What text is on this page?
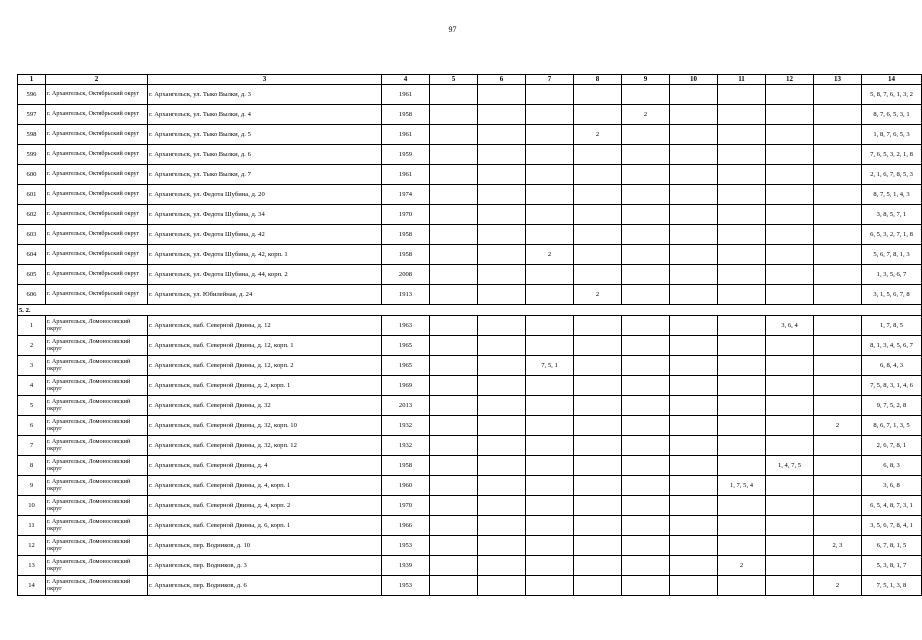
97
1	2	3	4	5	6	7	8	9	10	11	12	13	14
596	г. Архангельск, Октябрьский округ	г. Архангельск, ул. Тыко Вылки, д. 3	1961										5, 8, 7, 6, 1, 3, 2
597	г. Архангельск, Октябрьский округ	г. Архангельск, ул. Тыко Вылки, д. 4	1958					2					8, 7, 6, 5, 3, 1
598	г. Архангельск, Октябрьский округ	г. Архангельск, ул. Тыко Вылки, д. 5	1961				2						1, 8, 7, 6, 5, 3
599	г. Архангельск, Октябрьский округ	г. Архангельск, ул. Тыко Вылки, д. 6	1959										7, 6, 5, 3, 2, 1, 8
600	г. Архангельск, Октябрьский округ	г. Архангельск, ул. Тыко Вылки, д. 7	1961										2, 1, 6, 7, 8, 5, 3
601	г. Архангельск, Октябрьский округ	г. Архангельск, ул. Федота Шубина, д. 20	1974										8, 7, 5, 1, 4, 3
602	г. Архангельск, Октябрьский округ	г. Архангельск, ул. Федота Шубина, д. 34	1970										3, 8, 5, 7, 1
603	г. Архангельск, Октябрьский округ	г. Архангельск, ул. Федота Шубина, д. 42	1958										6, 5, 3, 2, 7, 1, 8
604	г. Архангельск, Октябрьский округ	г. Архангельск, ул. Федота Шубина, д. 42, корп. 1	1958			2							5, 6, 7, 8, 1, 3
605	г. Архангельск, Октябрьский округ	г. Архангельск, ул. Федота Шубина, д. 44, корп. 2	2008										1, 3, 5, 6, 7
606	г. Архангельск, Октябрьский округ	г. Архангельск, ул. Юбилейная, д. 24	1913				2						3, 1, 5, 6, 7, 8
5. 2.													
1	г. Архангельск, Ломоносовский округ	г. Архангельск, наб. Северной Двины, д. 12	1963								3, 6, 4		1, 7, 8, 5
2	г. Архангельск, Ломоносовский округ	г. Архангельск, наб. Северной Двины, д. 12, корп. 1	1965										8, 1, 3, 4, 5, 6, 7
3	г. Архангельск, Ломоносовский округ	г. Архангельск, наб. Северной Двины, д. 12, корп. 2	1965			7, 5, 1							6, 8, 4, 3
4	г. Архангельск, Ломоносовский округ	г. Архангельск, наб. Северной Двины, д. 2, корп. 1	1969										7, 5, 8, 3, 1, 4, 6
5	г. Архангельск, Ломоносовский округ	г. Архангельск, наб. Северной Двины, д. 32	2013										9, 7, 5, 2, 8
6	г. Архангельск, Ломоносовский округ	г. Архангельск, наб. Северной Двины, д. 32, корп. 10	1932									2	8, 6, 7, 1, 3, 5
7	г. Архангельск, Ломоносовский округ	г. Архангельск, наб. Северной Двины, д. 32, корп. 12	1932										2, 6, 7, 8, 1
8	г. Архангельск, Ломоносовский округ	г. Архангельск, наб. Северной Двины, д. 4	1958								1, 4, 7, 5		6, 8, 3
9	г. Архангельск, Ломоносовский округ	г. Архангельск, наб. Северной Двины, д. 4, корп. 1	1960							1, 7, 5, 4			3, 6, 8
10	г. Архангельск, Ломоносовский округ	г. Архангельск, наб. Северной Двины, д. 4, корп. 2	1970										6, 5, 4, 8, 7, 3, 1
11	г. Архангельск, Ломоносовский округ	г. Архангельск, наб. Северной Двины, д. 6, корп. 1	1966										3, 5, 6, 7, 8, 4, 1
12	г. Архангельск, Ломоносовский округ	г. Архангельск, пер. Водников, д. 10	1953									2, 3	6, 7, 8, 1, 5
13	г. Архангельск, Ломоносовский округ	г. Архангельск, пер. Водников, д. 3	1939							2			5, 3, 8, 1, 7
14	г. Архангельск, Ломоносовский округ	г. Архангельск, пер. Водников, д. 6	1953									2	7, 5, 1, 3, 8
